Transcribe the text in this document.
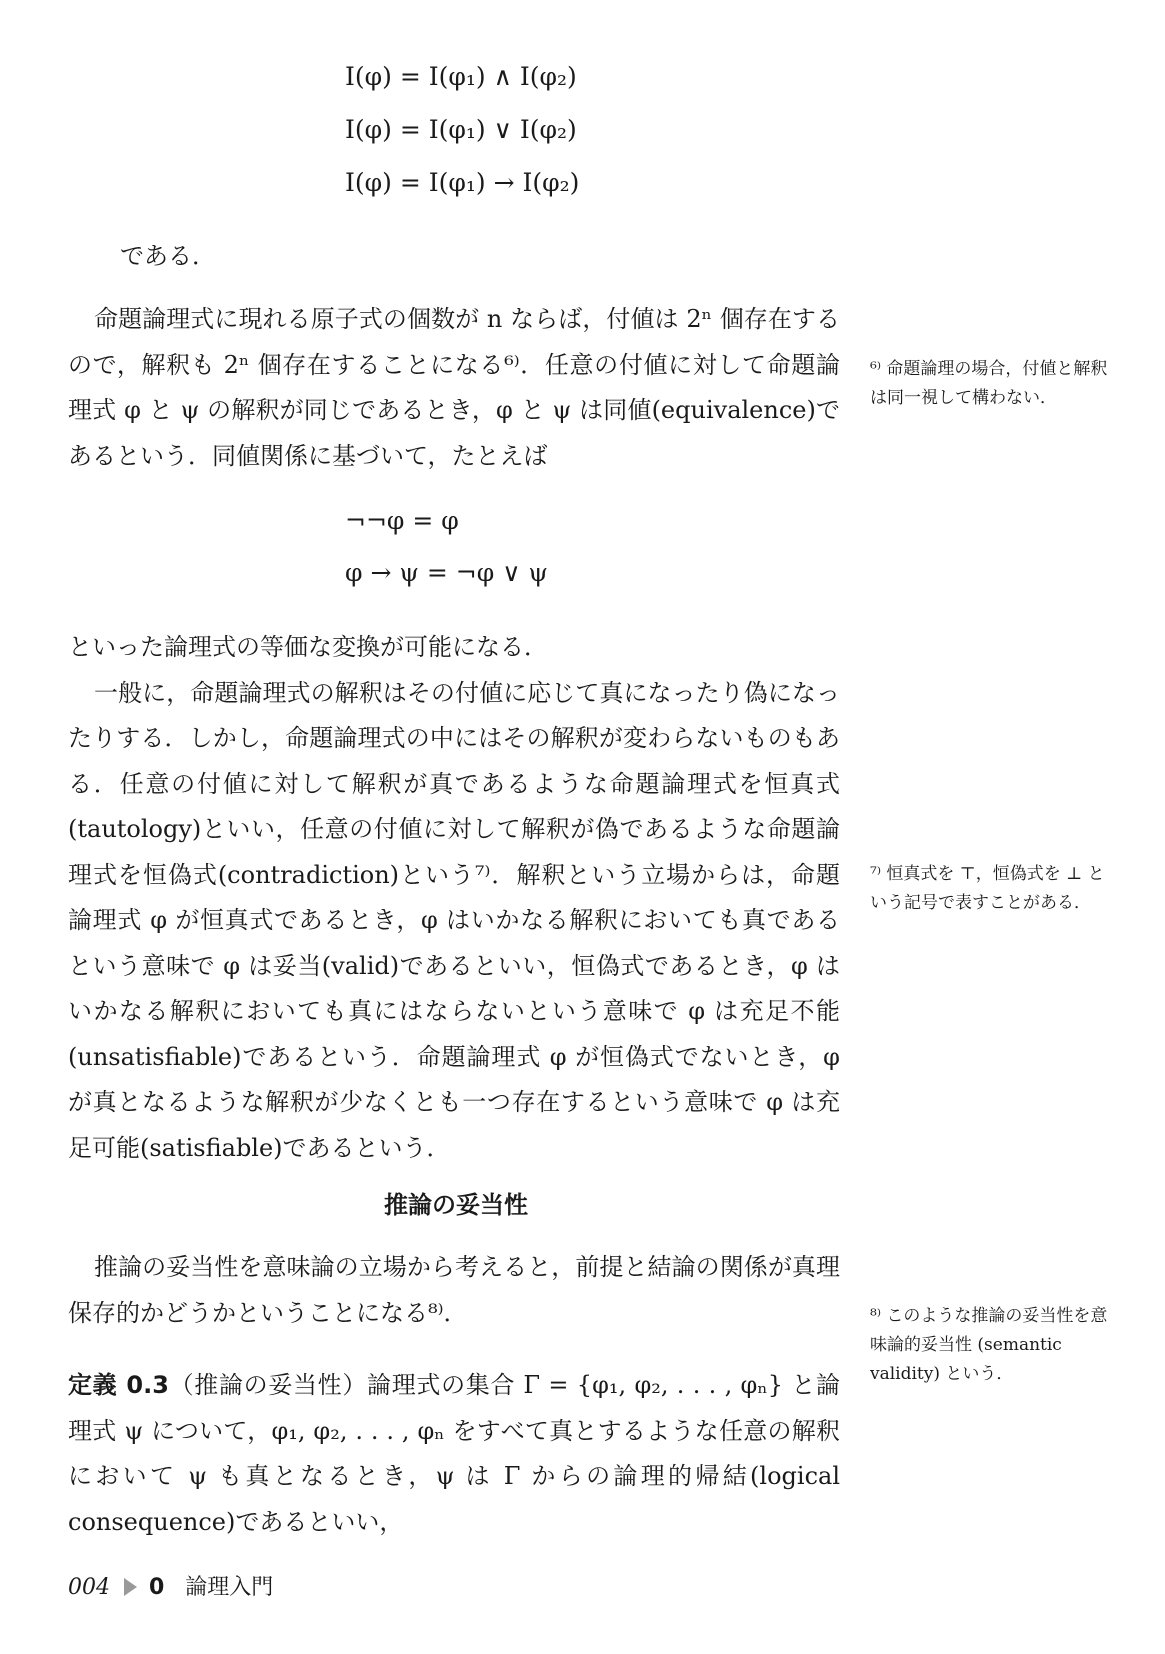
I(φ) = I(φ₁) ∧ I(φ₂)
I(φ) = I(φ₁) ∨ I(φ₂)
I(φ) = I(φ₁) → I(φ₂)
である．

命題論理式に現れる原子式の個数が n ならば，付値は 2ⁿ 個存在するので，解釈も 2ⁿ 個存在することになる⁶⁾．任意の付値に対して命題論理式 φ と ψ の解釈が同じであるとき，φ と ψ は同値(equivalence)であるという．同値関係に基づいて，たとえば

¬¬φ = φ
φ → ψ = ¬φ ∨ ψ

といった論理式の等価な変換が可能になる．

一般に，命題論理式の解釈はその付値に応じて真になったり偽になったりする．しかし，命題論理式の中にはその解釈が変わらないものもある．任意の付値に対して解釈が真であるような命題論理式を恒真式(tautology)といい，任意の付値に対して解釈が偽であるような命題論理式を恒偽式(contradiction)という⁷⁾．解釈という立場からは，命題論理式 φ が恒真式であるとき，φ はいかなる解釈においても真であるという意味で φ は妥当(valid)であるといい，恒偽式であるとき，φ はいかなる解釈においても真にはならないという意味で φ は充足不能(unsatisfiable)であるという．命題論理式 φ が恒偽式でないとき，φ が真となるような解釈が少なくとも一つ存在するという意味で φ は充足可能(satisfiable)であるという．

推論の妥当性

推論の妥当性を意味論の立場から考えると，前提と結論の関係が真理保存的かどうかということになる⁸⁾．

定義 0.3（推論の妥当性）論理式の集合 Γ = {φ₁, φ₂, . . . , φₙ} と論理式 ψ について，φ₁, φ₂, . . . , φₙ をすべて真とするような任意の解釈において ψ も真となるとき，ψ は Γ からの論理的帰結(logical consequence)であるといい，

⁶⁾ 命題論理の場合，付値と解釈は同一視して構わない．
⁷⁾ 恒真式を ⊤，恒偽式を ⊥ という記号で表すことがある．
⁸⁾ このような推論の妥当性を意味論的妥当性 (semantic validity) という．
004 0 論理入門
